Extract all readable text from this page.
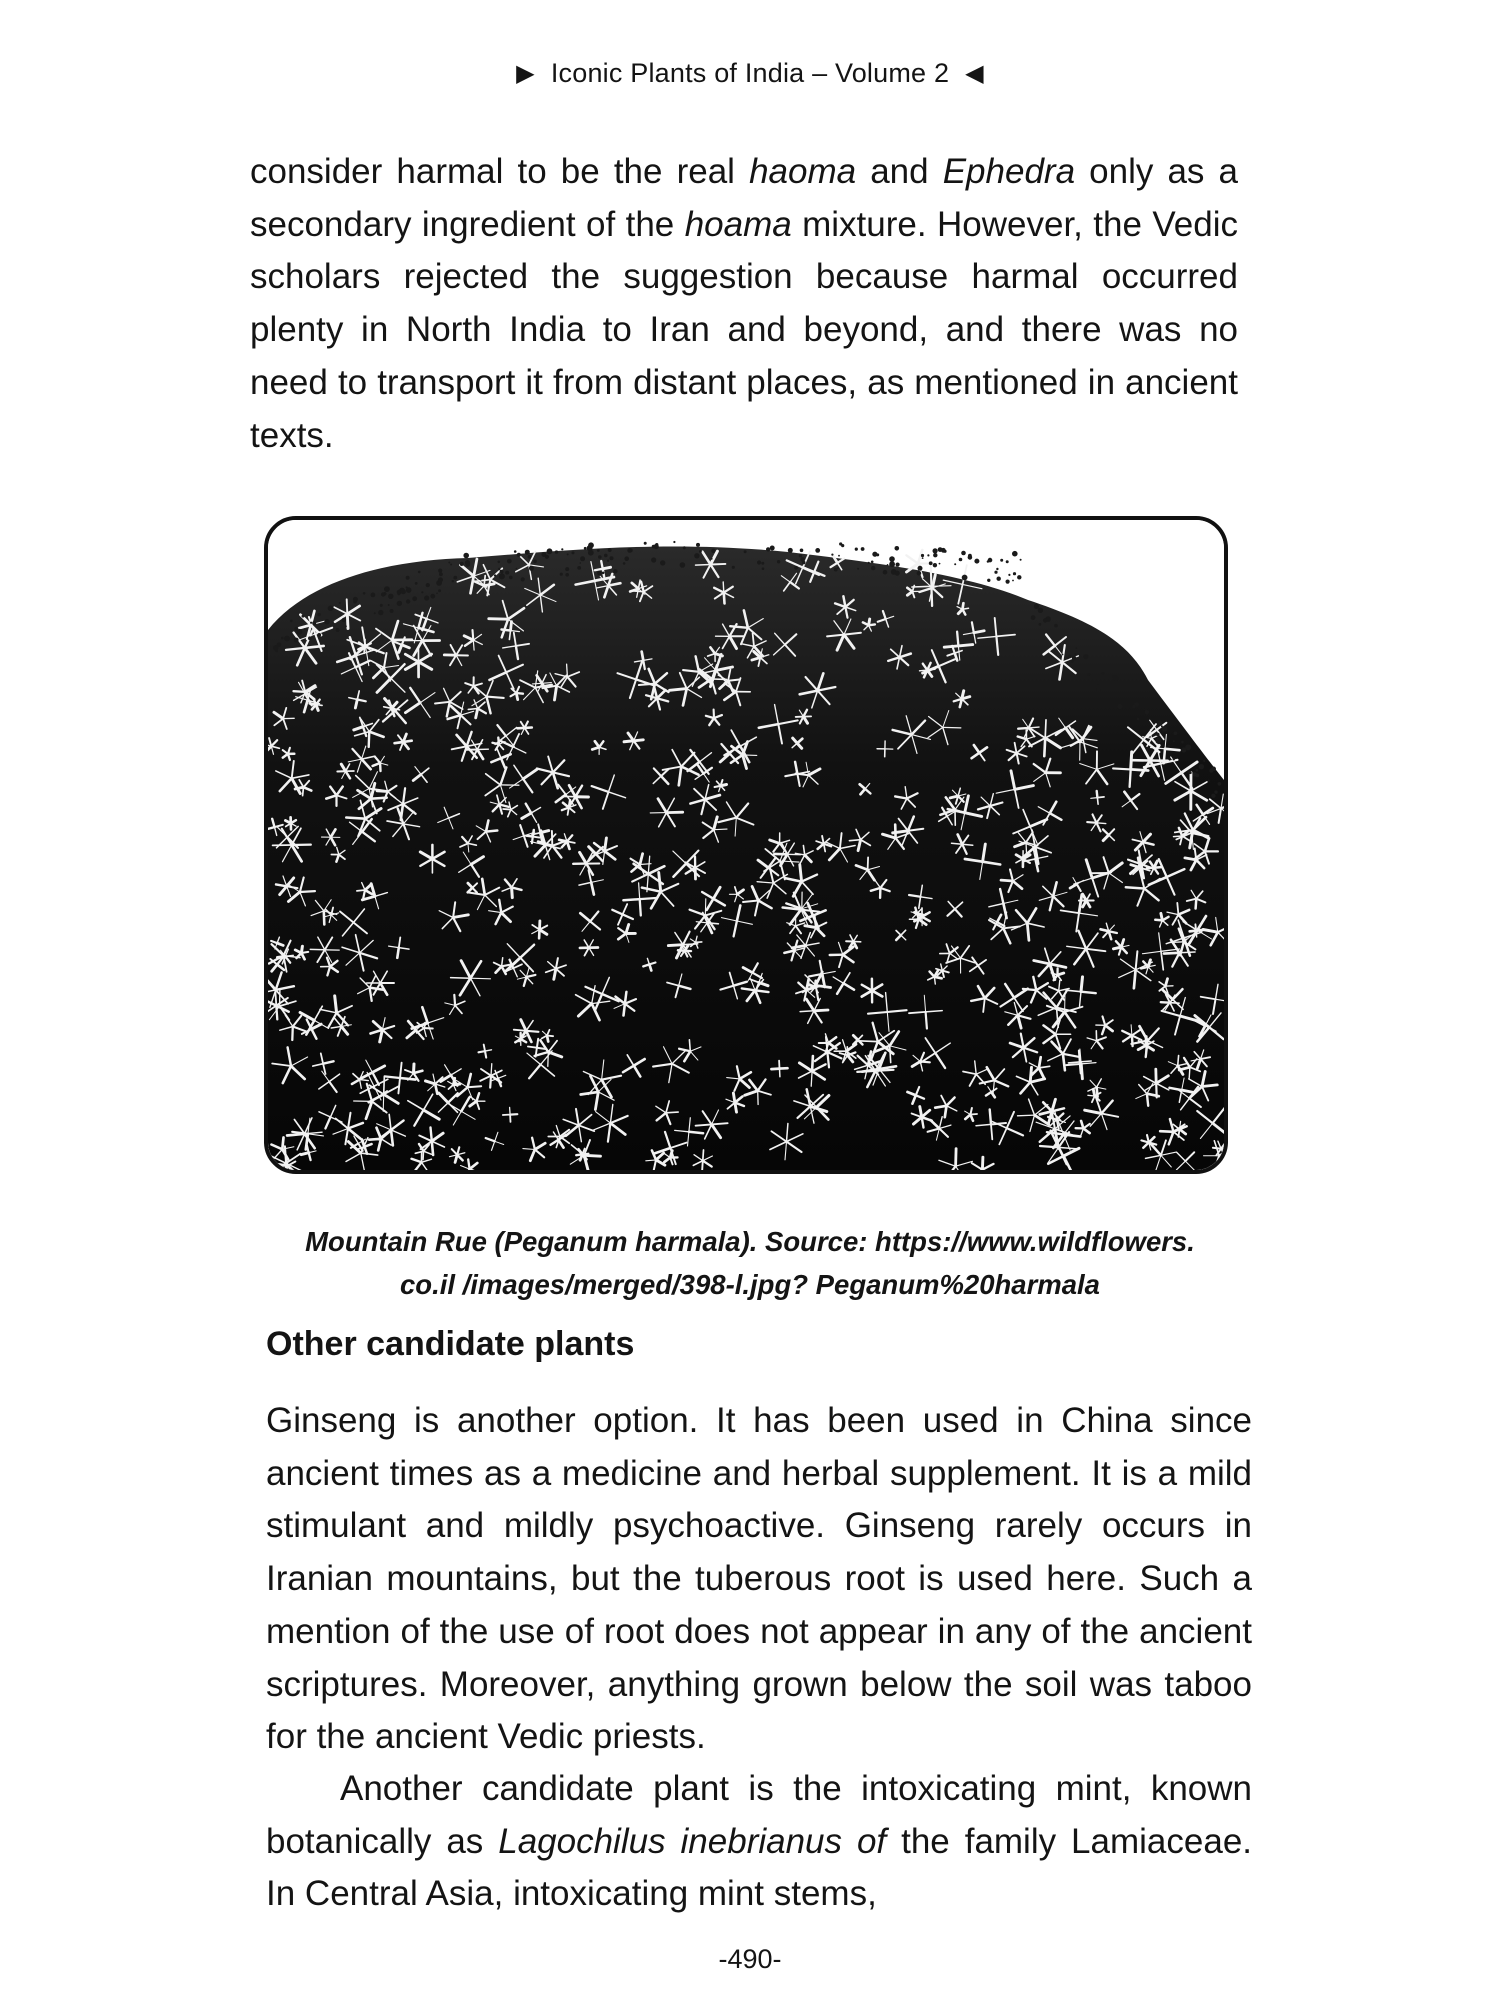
▶ Iconic Plants of India – Volume 2 ◀

consider harmal to be the real haoma and Ephedra only as a secondary ingredient of the hoama mixture. However, the Vedic scholars rejected the suggestion because harmal occurred plenty in North India to Iran and beyond, and there was no need to transport it from distant places, as mentioned in ancient texts.

Mountain Rue (Peganum harmala). Source: https://www.wildflowers.
co.il /images/merged/398-l.jpg? Peganum%20harmala
Other candidate plants

Ginseng is another option. It has been used in China since ancient times as a medicine and herbal supplement. It is a mild stimulant and mildly psychoactive. Ginseng rarely occurs in Iranian mountains, but the tuberous root is used here. Such a mention of the use of root does not appear in any of the ancient scriptures. Moreover, anything grown below the soil was taboo for the ancient Vedic priests.

Another candidate plant is the intoxicating mint, known botanically as Lagochilus inebrianus of the family Lamiaceae. In Central Asia, intoxicating mint stems,

-490-
